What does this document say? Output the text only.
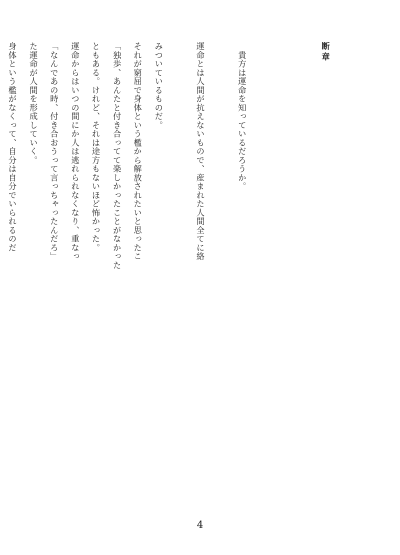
断章

　貴方は運命を知っているだろうか。

運命とは人間が抗えないもので、産まれた人間全てに絡

みついているものだ。

「独歩、あんたと付き合ってて楽しかったことがなかった

運命からはいつの間にか人は逃れられなくなり、重なっ

た運命が人間を形成していく。

	それが窮屈で身体という檻から解放されたいと思ったこ

ともある。けれど、それは途方もないほど怖かった。

「なんであの時、付き合おうって言っちゃったんだろ」

身体という檻がなくって、自分は自分でいられるのだ

4
